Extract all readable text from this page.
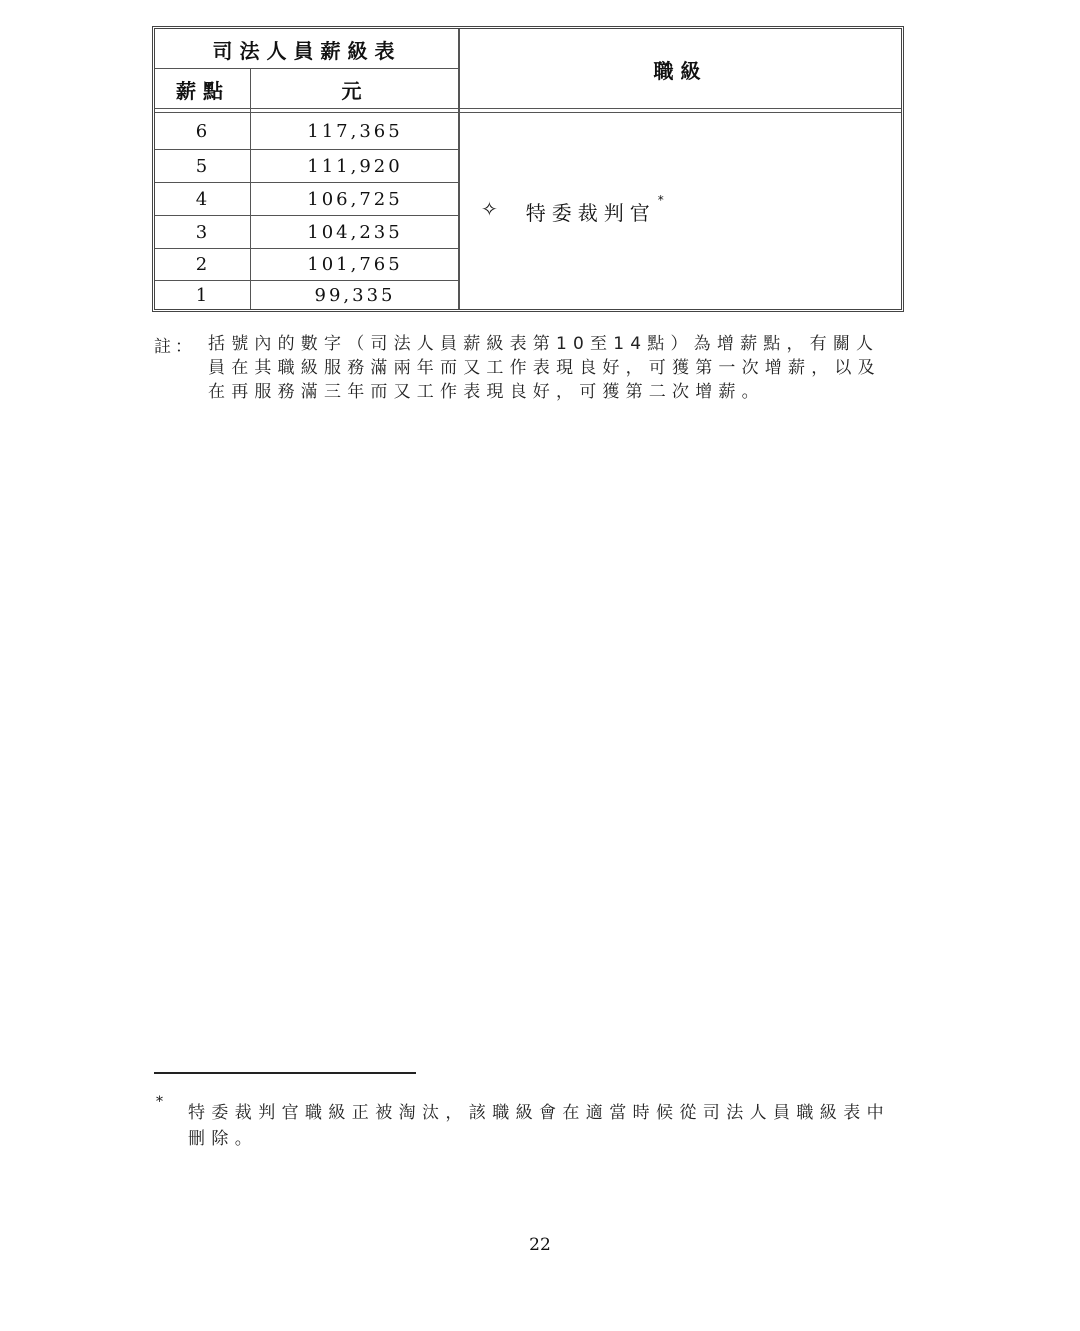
司法人員薪級表
薪點	元
職級
6	117,365
5	111,920
4	106,725
3	104,235
2	101,765
1	99,335
✧ 特委裁判官
*
註： 括號內的數字（司法人員薪級表第10至14點）為增薪點，有關人員在其職級服務滿兩年而又工作表現良好，可獲第一次增薪，以及在再服務滿三年而又工作表現良好，可獲第二次增薪。
*
特委裁判官職級正被淘汰，該職級會在適當時候從司法人員職級表中刪除。
22
